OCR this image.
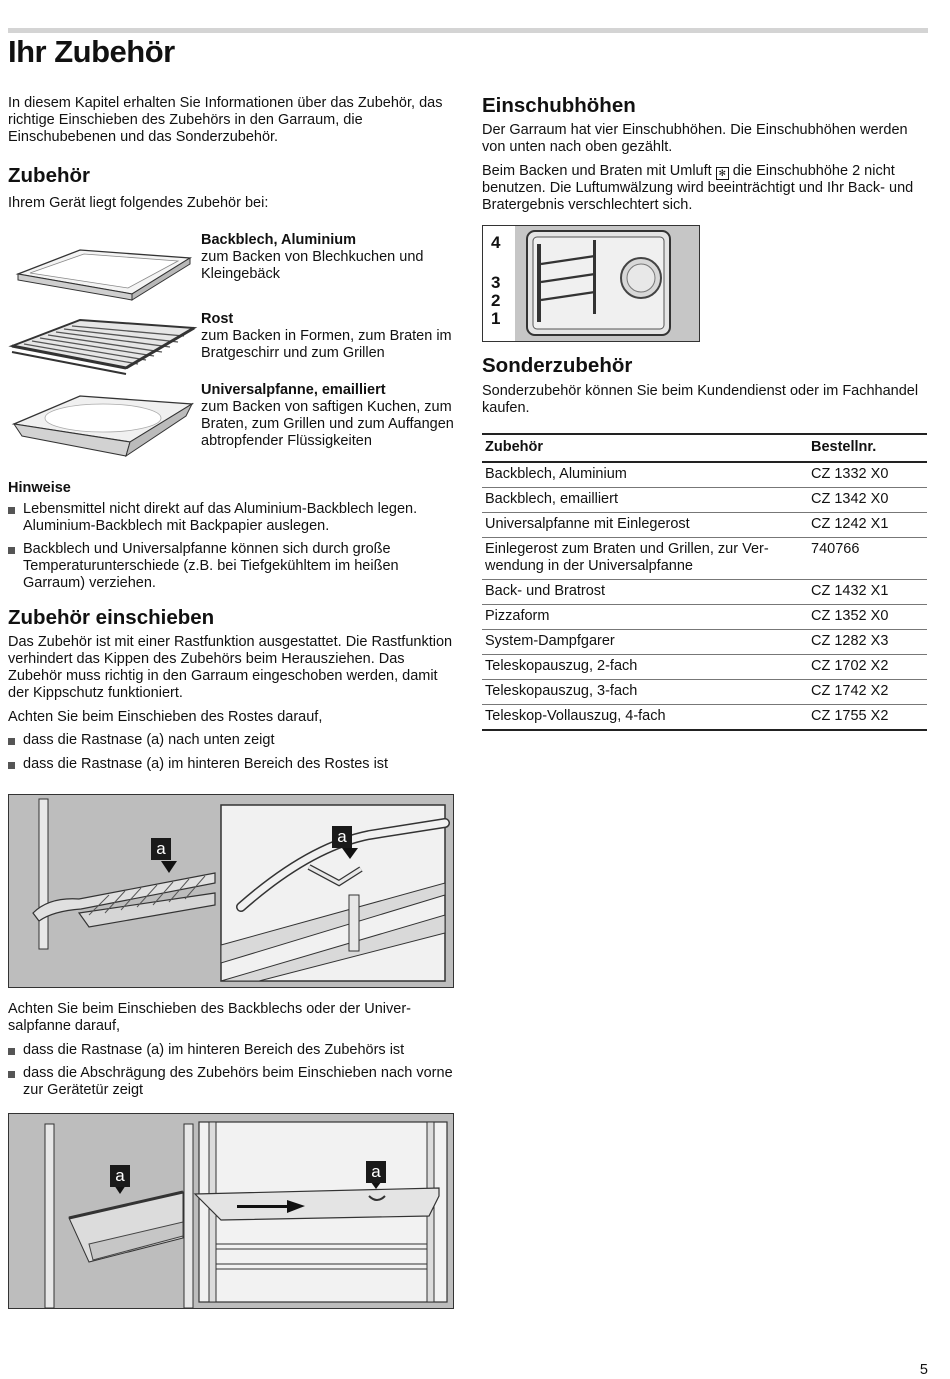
Ihr Zubehör

In diesem Kapitel erhalten Sie Informationen über das Zubehör, das richtige Einschieben des Zubehörs in den Garraum, die Einschubebenen und das Sonderzubehör.

Zubehör

Ihrem Gerät liegt folgendes Zubehör bei:

Backblech, Aluminium
zum Backen von Blechkuchen und Kleingebäck
Rost
zum Backen in Formen, zum Braten im Bratgeschirr und zum Grillen
Universalpfanne, emailliert
zum Backen von saftigen Kuchen, zum Braten, zum Grillen und zum Auffangen abtropfender Flüssigkeiten
Hinweise
Lebensmittel nicht direkt auf das Aluminium-Backblech legen. Aluminium-Backblech mit Backpapier auslegen.
Backblech und Universalpfanne können sich durch große Temperaturunterschiede (z.B. bei Tiefgekühltem im heißen Garraum) verziehen.
Zubehör einschieben

Das Zubehör ist mit einer Rastfunktion ausgestattet. Die Rastfunktion verhindert das Kippen des Zubehörs beim Herausziehen. Das Zubehör muss richtig in den Garraum eingeschoben werden, damit der Kippschutz funktioniert.

Achten Sie beim Einschieben des Rostes darauf,

dass die Rastnase (a) nach unten zeigt
dass die Rastnase (a) im hinteren Bereich des Rostes ist
a
a

Achten Sie beim Einschieben des Backblechs oder der Universalpfanne darauf,

dass die Rastnase (a) im hinteren Bereich des Zubehörs ist
dass die Abschrägung des Zubehörs beim Einschieben nach vorne zur Gerätetür zeigt
a	a
Einschubhöhen

Der Garraum hat vier Einschubhöhen. Die Einschubhöhen werden von unten nach oben gezählt.

Beim Backen und Braten mit Umluft ✻ die Einschubhöhe 2 nicht benutzen. Die Luftumwälzung wird beeinträchtigt und Ihr Back- und Bratergebnis verschlechtert sich.

4
3
2
1
Sonderzubehör

Sonderzubehör können Sie beim Kundendienst oder im Fachhandel kaufen.

Zubehör	Bestellnr.
Backblech, Aluminium	CZ 1332 X0
Backblech, emailliert	CZ 1342 X0
Universalpfanne mit Einlegerost	CZ 1242 X1
Einlegerost zum Braten und Grillen, zur Verwendung in der Universalpfanne	740766
Back- und Bratrost	CZ 1432 X1
Pizzaform	CZ 1352 X0
System-Dampfgarer	CZ 1282 X3
Teleskopauszug, 2-fach	CZ 1702 X2
Teleskopauszug, 3-fach	CZ 1742 X2
Teleskop-Vollauszug, 4-fach	CZ 1755 X2
5
